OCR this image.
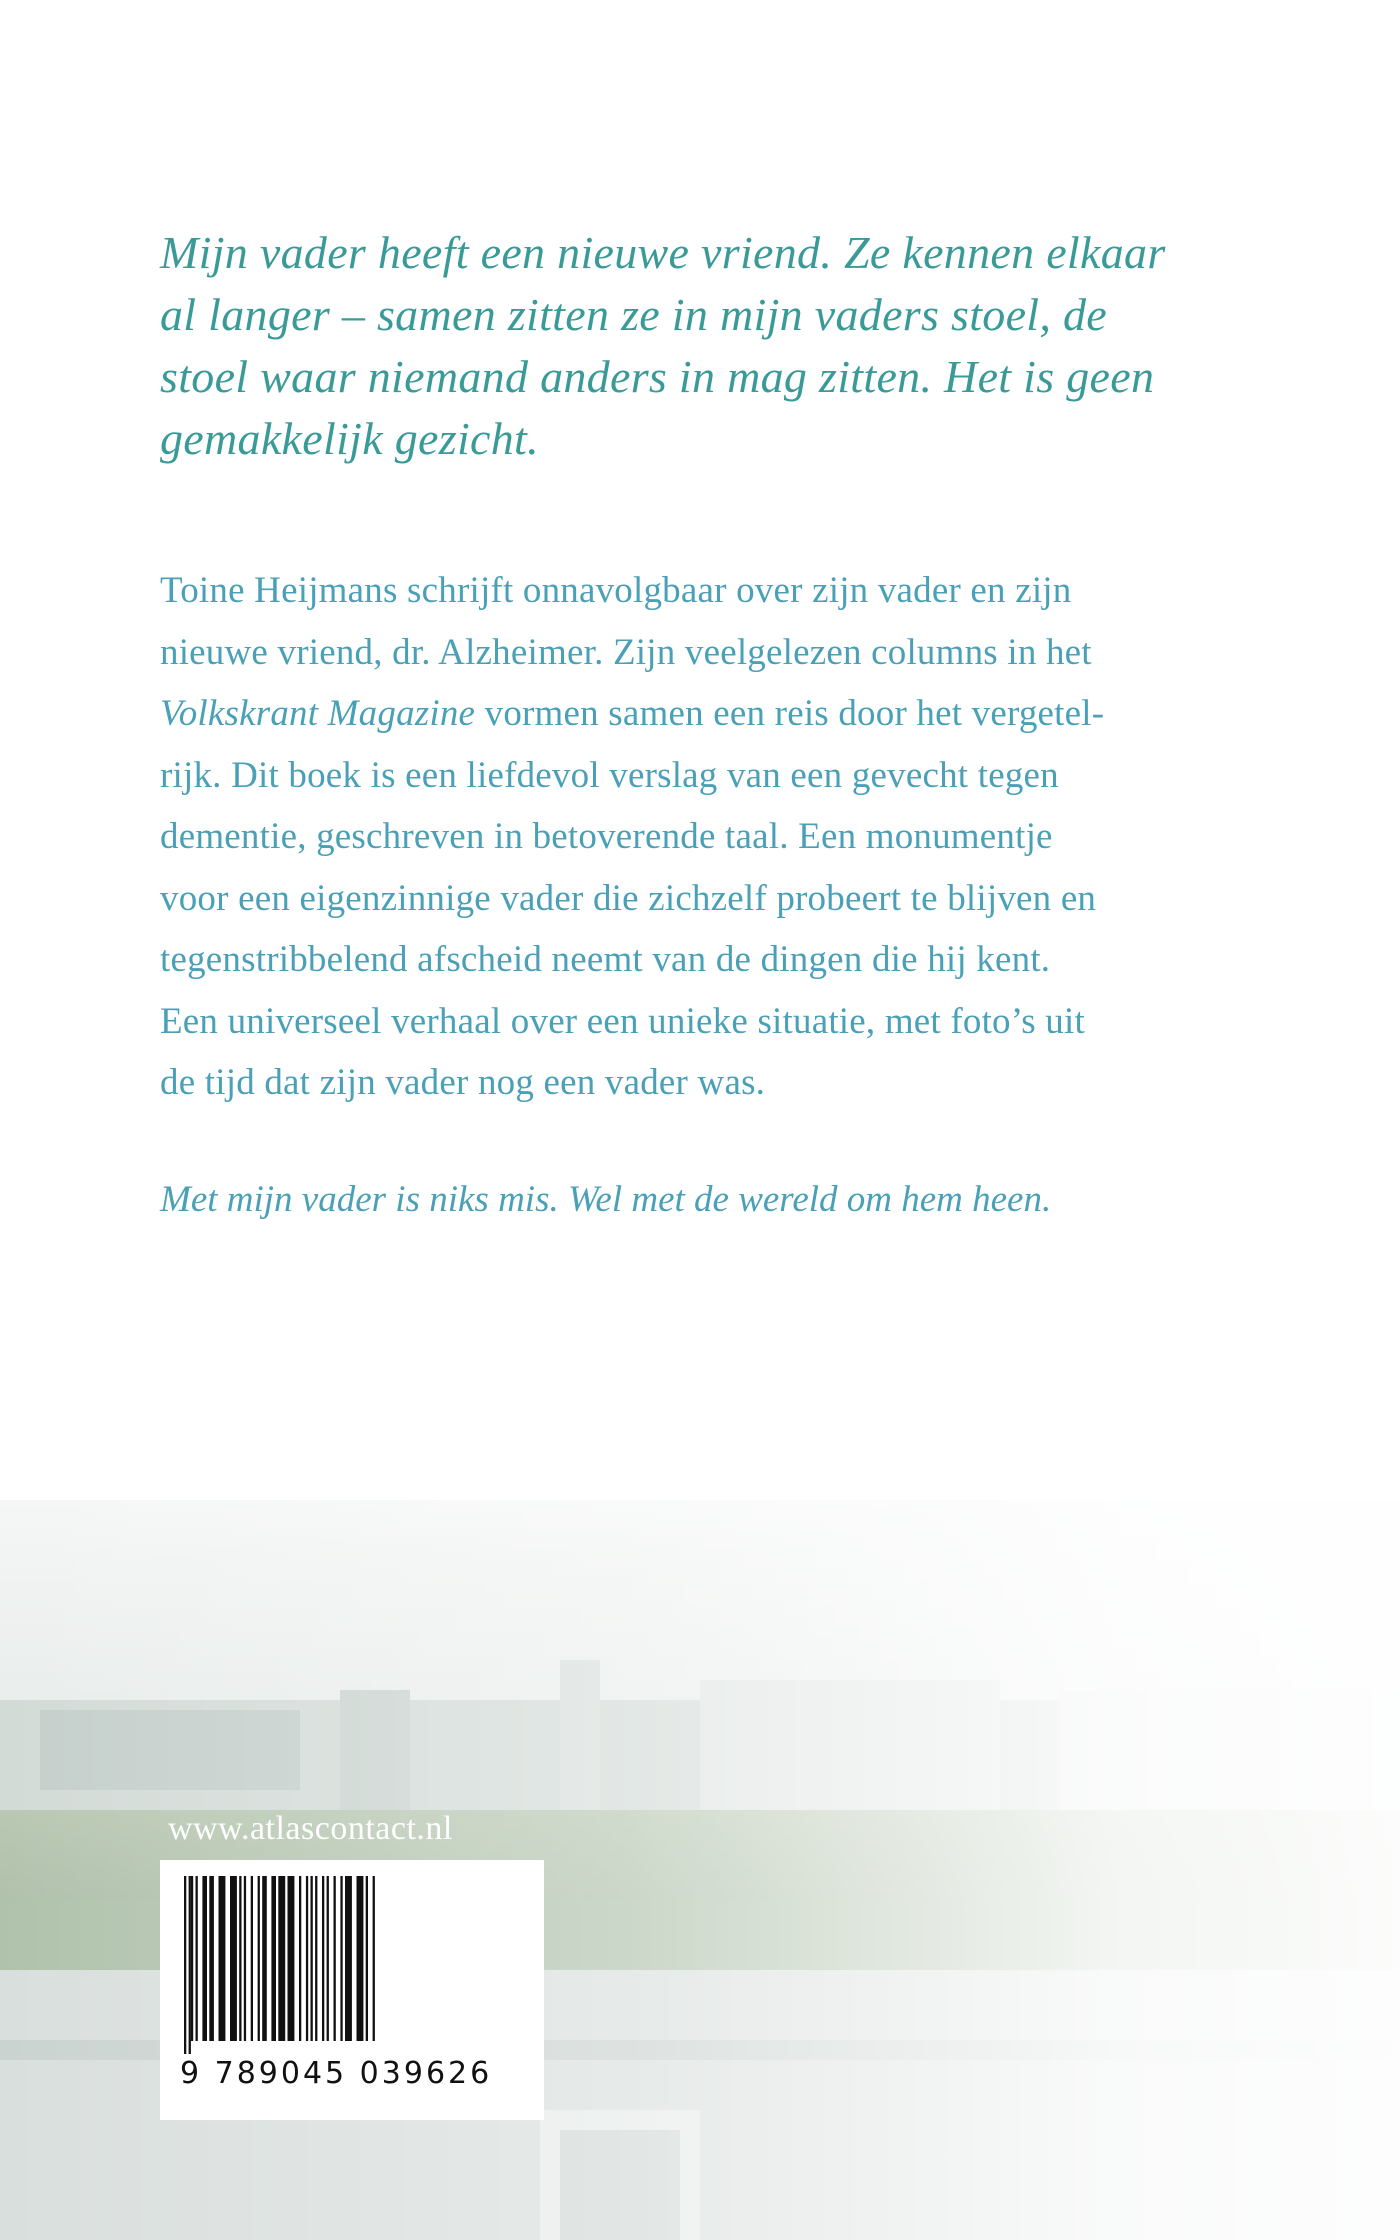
Mijn vader heeft een nieuwe vriend. Ze kennen elkaar
al langer – samen zitten ze in mijn vaders stoel, de
stoel waar niemand anders in mag zitten. Het is geen
gemakkelijk gezicht.
Toine Heijmans schrijft onnavolgbaar over zijn vader en zijn
nieuwe vriend, dr. Alzheimer. Zijn veelgelezen columns in het
Volkskrant Magazine vormen samen een reis door het vergetel-
rijk. Dit boek is een liefdevol verslag van een gevecht tegen
dementie, geschreven in betoverende taal. Een monumentje
voor een eigenzinnige vader die zichzelf probeert te blijven en
tegenstribbelend afscheid neemt van de dingen die hij kent.
Een universeel verhaal over een unieke situatie, met foto’s uit
de tijd dat zijn vader nog een vader was.
Met mijn vader is niks mis. Wel met de wereld om hem heen.
www.atlascontact.nl
9 789045 039626
